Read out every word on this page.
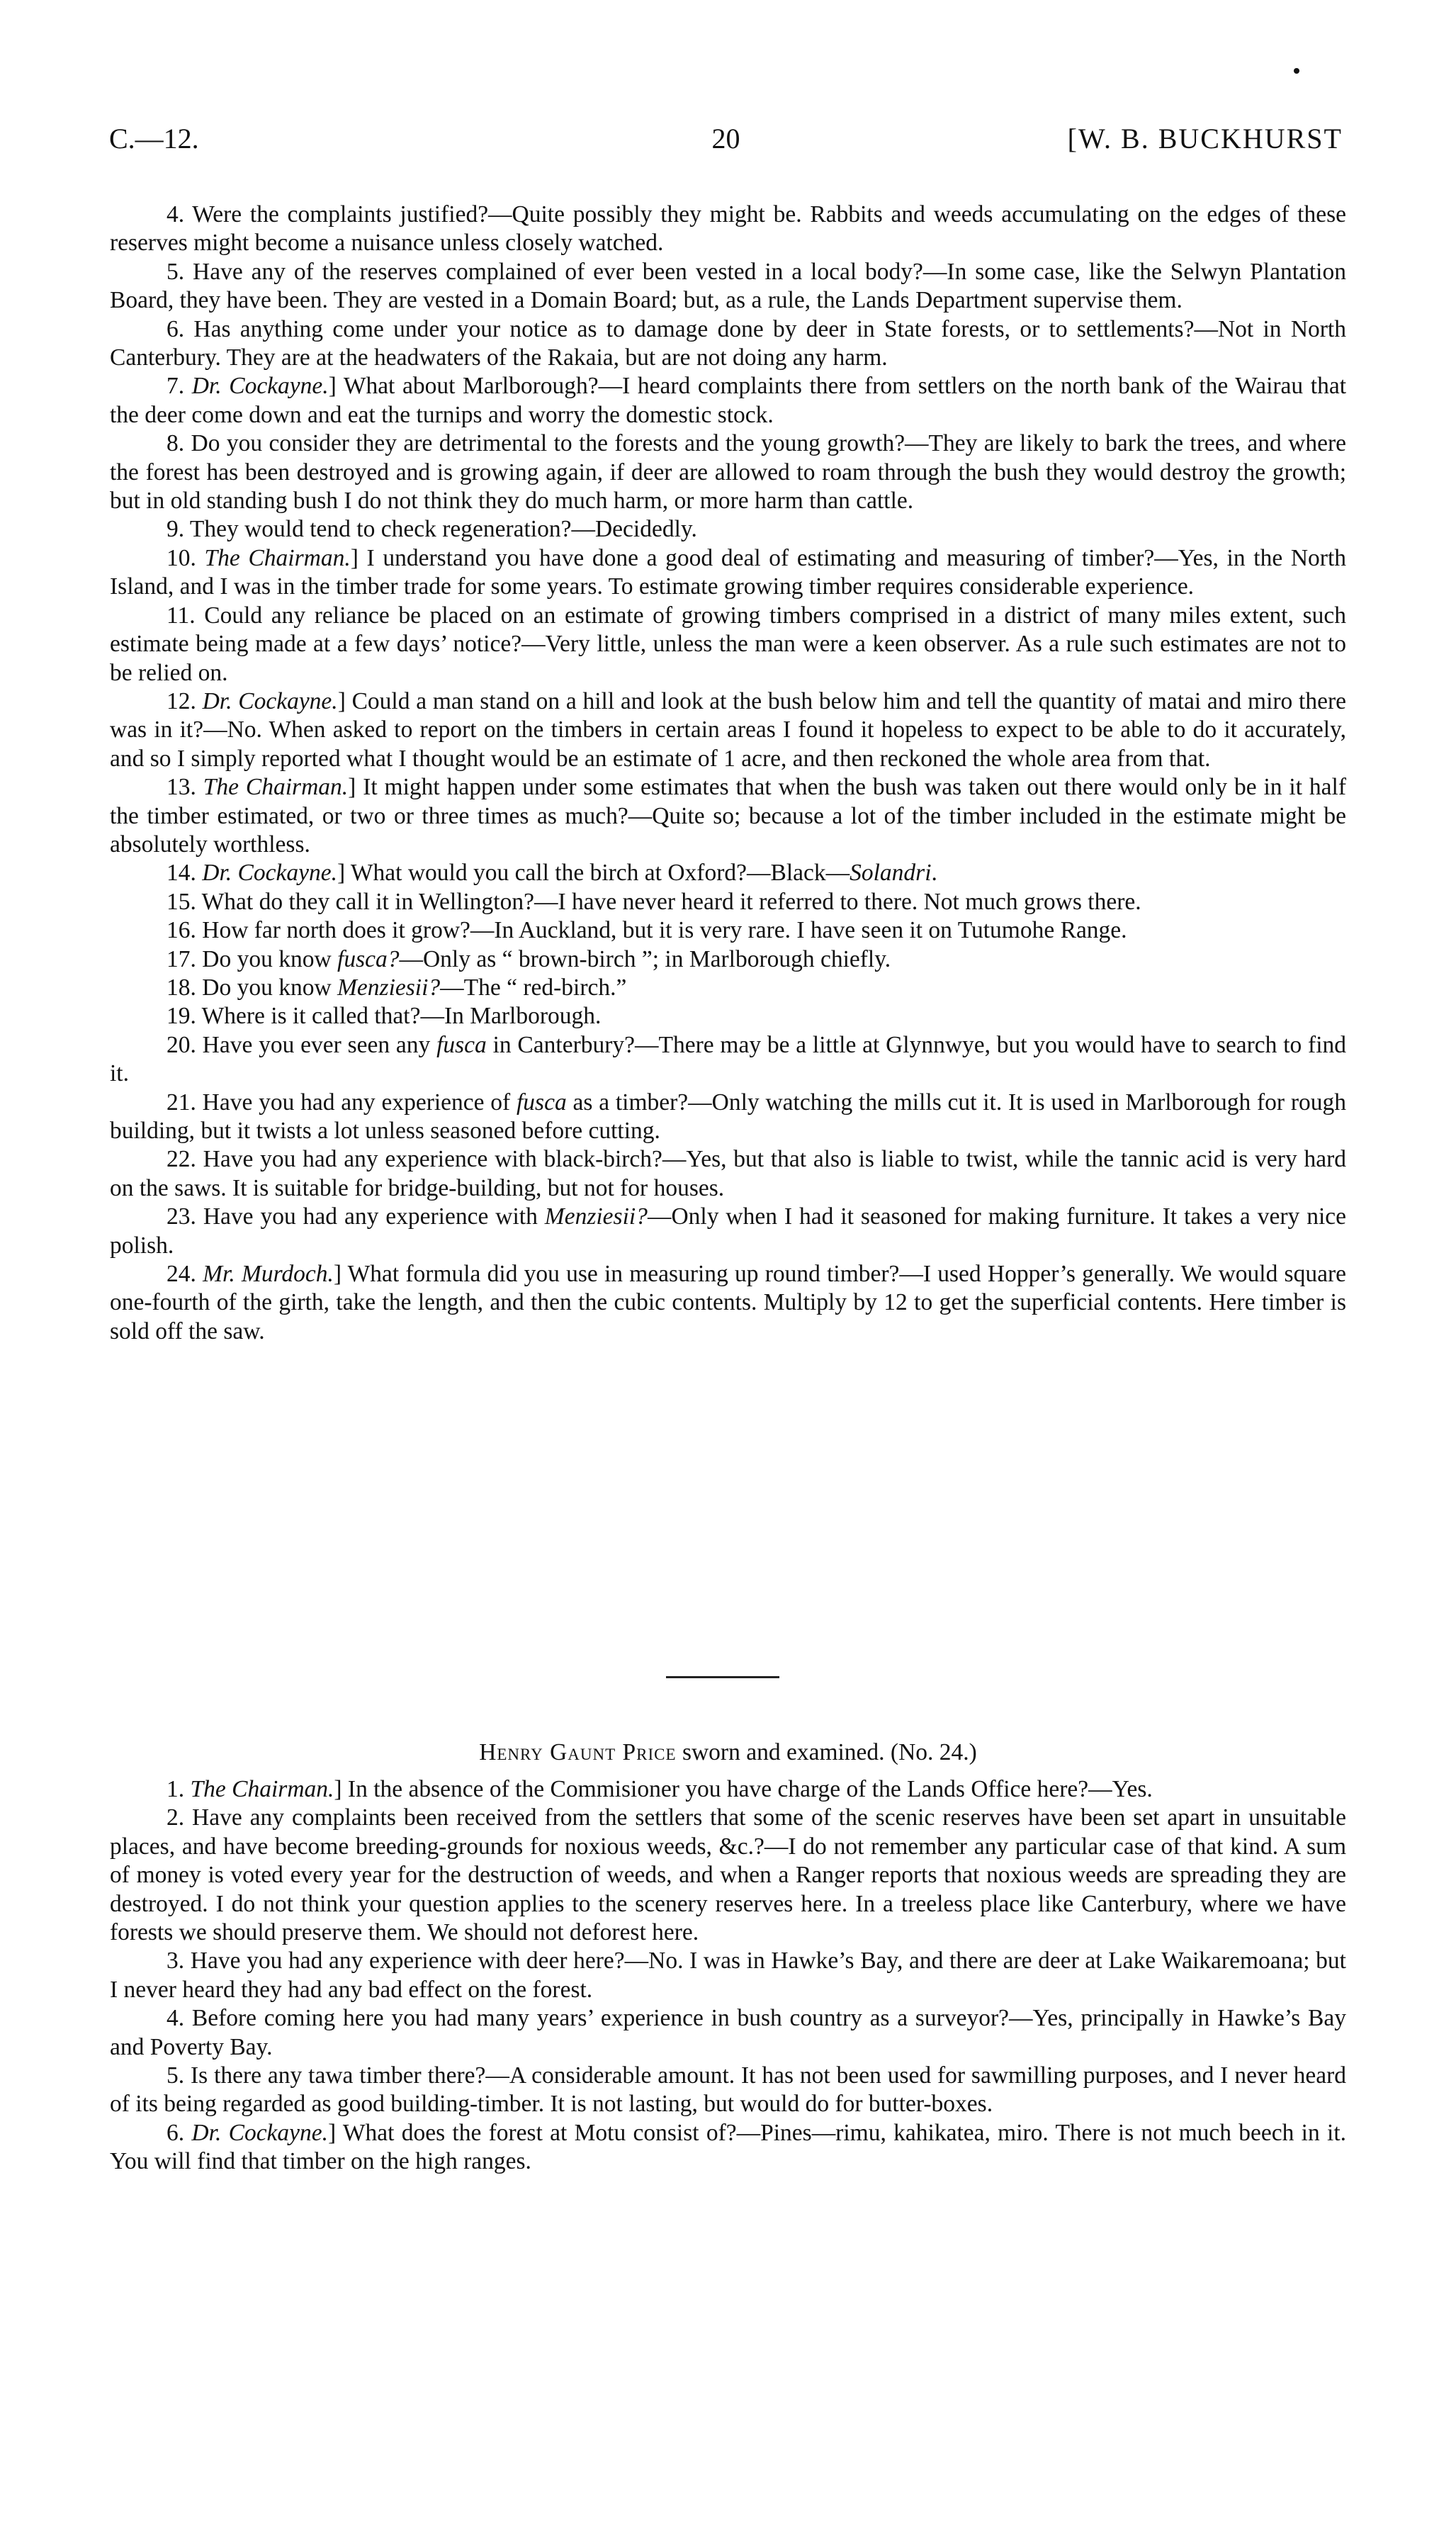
C.—12.	20	[W. B. BUCKHURST

4. Were the complaints justified?—Quite possibly they might be. Rabbits and weeds accumulating on the edges of these reserves might become a nuisance unless closely watched.

5. Have any of the reserves complained of ever been vested in a local body?—In some case, like the Selwyn Plantation Board, they have been. They are vested in a Domain Board; but, as a rule, the Lands Department supervise them.

6. Has anything come under your notice as to damage done by deer in State forests, or to settlements?—Not in North Canterbury. They are at the headwaters of the Rakaia, but are not doing any harm.

7. Dr. Cockayne.] What about Marlborough?—I heard complaints there from settlers on the north bank of the Wairau that the deer come down and eat the turnips and worry the domestic stock.

8. Do you consider they are detrimental to the forests and the young growth?—They are likely to bark the trees, and where the forest has been destroyed and is growing again, if deer are allowed to roam through the bush they would destroy the growth; but in old standing bush I do not think they do much harm, or more harm than cattle.

9. They would tend to check regeneration?—Decidedly.

10. The Chairman.] I understand you have done a good deal of estimating and measuring of timber?—Yes, in the North Island, and I was in the timber trade for some years. To estimate growing timber requires considerable experience.

11. Could any reliance be placed on an estimate of growing timbers comprised in a district of many miles extent, such estimate being made at a few days’ notice?—Very little, unless the man were a keen observer. As a rule such estimates are not to be relied on.

12. Dr. Cockayne.] Could a man stand on a hill and look at the bush below him and tell the quantity of matai and miro there was in it?—No. When asked to report on the timbers in certain areas I found it hopeless to expect to be able to do it accurately, and so I simply reported what I thought would be an estimate of 1 acre, and then reckoned the whole area from that.

13. The Chairman.] It might happen under some estimates that when the bush was taken out there would only be in it half the timber estimated, or two or three times as much?—Quite so; because a lot of the timber included in the estimate might be absolutely worthless.

14. Dr. Cockayne.] What would you call the birch at Oxford?—Black—Solandri.

15. What do they call it in Wellington?—I have never heard it referred to there. Not much grows there.

16. How far north does it grow?—In Auckland, but it is very rare. I have seen it on Tutumohe Range.

17. Do you know fusca?—Only as “ brown-birch ”; in Marlborough chiefly.

18. Do you know Menziesii?—The “ red-birch.”

19. Where is it called that?—In Marlborough.

20. Have you ever seen any fusca in Canterbury?—There may be a little at Glynnwye, but you would have to search to find it.

21. Have you had any experience of fusca as a timber?—Only watching the mills cut it. It is used in Marlborough for rough building, but it twists a lot unless seasoned before cutting.

22. Have you had any experience with black-birch?—Yes, but that also is liable to twist, while the tannic acid is very hard on the saws. It is suitable for bridge-building, but not for houses.

23. Have you had any experience with Menziesii?—Only when I had it seasoned for making furniture. It takes a very nice polish.

24. Mr. Murdoch.] What formula did you use in measuring up round timber?—I used Hopper’s generally. We would square one-fourth of the girth, take the length, and then the cubic contents. Multiply by 12 to get the superficial contents. Here timber is sold off the saw.

Henry Gaunt Price sworn and examined. (No. 24.)

1. The Chairman.] In the absence of the Commisioner you have charge of the Lands Office here?—Yes.

2. Have any complaints been received from the settlers that some of the scenic reserves have been set apart in unsuitable places, and have become breeding-grounds for noxious weeds, &c.?—I do not remember any particular case of that kind. A sum of money is voted every year for the destruction of weeds, and when a Ranger reports that noxious weeds are spreading they are destroyed. I do not think your question applies to the scenery reserves here. In a treeless place like Canterbury, where we have forests we should preserve them. We should not deforest here.

3. Have you had any experience with deer here?—No. I was in Hawke’s Bay, and there are deer at Lake Waikaremoana; but I never heard they had any bad effect on the forest.

4. Before coming here you had many years’ experience in bush country as a surveyor?—Yes, principally in Hawke’s Bay and Poverty Bay.

5. Is there any tawa timber there?—A considerable amount. It has not been used for sawmilling purposes, and I never heard of its being regarded as good building-timber. It is not lasting, but would do for butter-boxes.

6. Dr. Cockayne.] What does the forest at Motu consist of?—Pines—rimu, kahikatea, miro. There is not much beech in it. You will find that timber on the high ranges.
